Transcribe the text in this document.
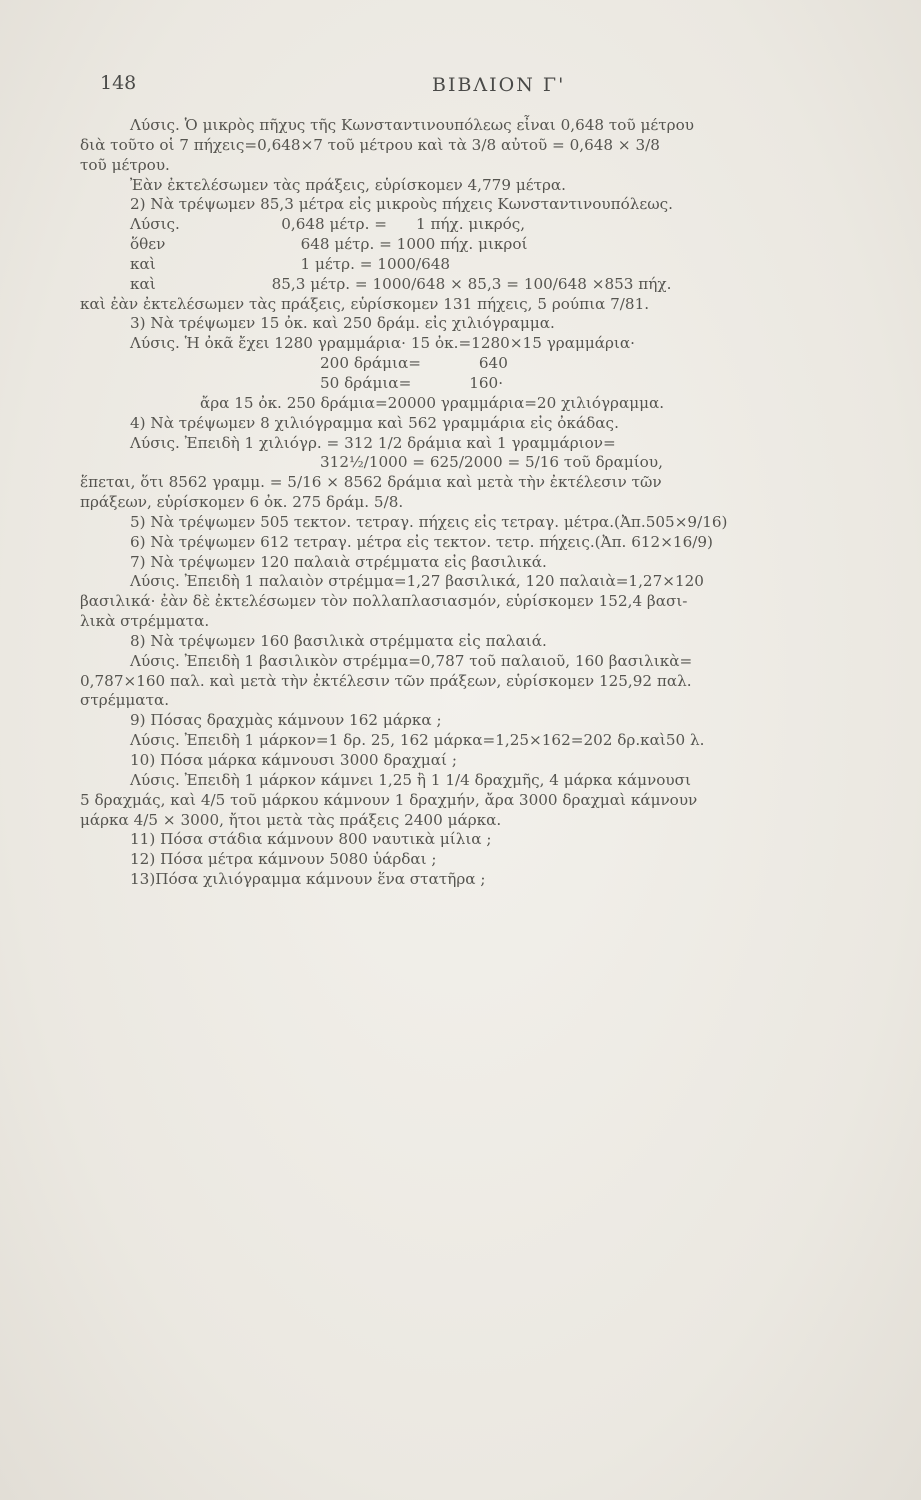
148	ΒΙΒΛΙΟΝ Γ'
Λύσις. Ὁ μικρὸς πῆχυς τῆς Κωνσταντινουπόλεως εἶναι 0,648 τοῦ μέτρου
διὰ τοῦτο οἱ 7 πήχεις=0,648×7 τοῦ μέτρου καὶ τὰ 3/8 αὐτοῦ = 0,648 × 3/8
τοῦ μέτρου.
Ἐὰν ἐκτελέσωμεν τὰς πράξεις, εὑρίσκομεν 4,779 μέτρα.
2) Νὰ τρέψωμεν 85,3 μέτρα εἰς μικροὺς πήχεις Κωνσταντινουπόλεως.
Λύσις.                     0,648 μέτρ. =      1 πήχ. μικρός,
ὅθεν                            648 μέτρ. = 1000 πήχ. μικροί
καὶ                              1 μέτρ. = 1000/648
καὶ                        85,3 μέτρ. = 1000/648 × 85,3 = 100/648 ×853 πήχ.
καὶ ἐὰν ἐκτελέσωμεν τὰς πράξεις, εὑρίσκομεν 131 πήχεις, 5 ρούπια 7/81.
3) Νὰ τρέψωμεν 15 ὀκ. καὶ 250 δράμ. εἰς χιλιόγραμμα.
Λύσις. Ἡ ὀκᾶ ἔχει 1280 γραμμάρια· 15 ὀκ.=1280×15 γραμμάρια·
200 δράμια=            640
50 δράμια=            160·
ἄρα 15 ὀκ. 250 δράμια=20000 γραμμάρια=20 χιλιόγραμμα.
4) Νὰ τρέψωμεν 8 χιλιόγραμμα καὶ 562 γραμμάρια εἰς ὀκάδας.
Λύσις. Ἐπειδὴ 1 χιλιόγρ. = 312 1/2 δράμια καὶ 1 γραμμάριον=
312½/1000 = 625/2000 = 5/16 τοῦ δραμίου,
ἕπεται, ὅτι 8562 γραμμ. = 5/16 × 8562 δράμια καὶ μετὰ τὴν ἐκτέλεσιν τῶν
πράξεων, εὑρίσκομεν 6 ὀκ. 275 δράμ. 5/8.
5) Νὰ τρέψωμεν 505 τεκτον. τετραγ. πήχεις εἰς τετραγ. μέτρα.(Ἀπ.505×9/16)
6) Νὰ τρέψωμεν 612 τετραγ. μέτρα εἰς τεκτον. τετρ. πήχεις.(Ἀπ. 612×16/9)
7) Νὰ τρέψωμεν 120 παλαιὰ στρέμματα εἰς βασιλικά.
Λύσις. Ἐπειδὴ 1 παλαιὸν στρέμμα=1,27 βασιλικά, 120 παλαιὰ=1,27×120
βασιλικά· ἐὰν δὲ ἐκτελέσωμεν τὸν πολλαπλασιασμόν, εὑρίσκομεν 152,4 βασι-
λικὰ στρέμματα.
8) Νὰ τρέψωμεν 160 βασιλικὰ στρέμματα εἰς παλαιά.
Λύσις. Ἐπειδὴ 1 βασιλικὸν στρέμμα=0,787 τοῦ παλαιοῦ, 160 βασιλικὰ=
0,787×160 παλ. καὶ μετὰ τὴν ἐκτέλεσιν τῶν πράξεων, εὑρίσκομεν 125,92 παλ.
στρέμματα.
9) Πόσας δραχμὰς κάμνουν 162 μάρκα ;
Λύσις. Ἐπειδὴ 1 μάρκον=1 δρ. 25, 162 μάρκα=1,25×162=202 δρ.καὶ50 λ.
10) Πόσα μάρκα κάμνουσι 3000 δραχμαί ;
Λύσις. Ἐπειδὴ 1 μάρκον κάμνει 1,25 ἢ 1 1/4 δραχμῆς, 4 μάρκα κάμνουσι
5 δραχμάς, καὶ 4/5 τοῦ μάρκου κάμνουν 1 δραχμήν, ἄρα 3000 δραχμαὶ κάμνουν
μάρκα 4/5 × 3000, ἤτοι μετὰ τὰς πράξεις 2400 μάρκα.
11) Πόσα στάδια κάμνουν 800 ναυτικὰ μίλια ;
12) Πόσα μέτρα κάμνουν 5080 ὑάρδαι ;
13)Πόσα χιλιόγραμμα κάμνουν ἕνα στατῆρα ;
